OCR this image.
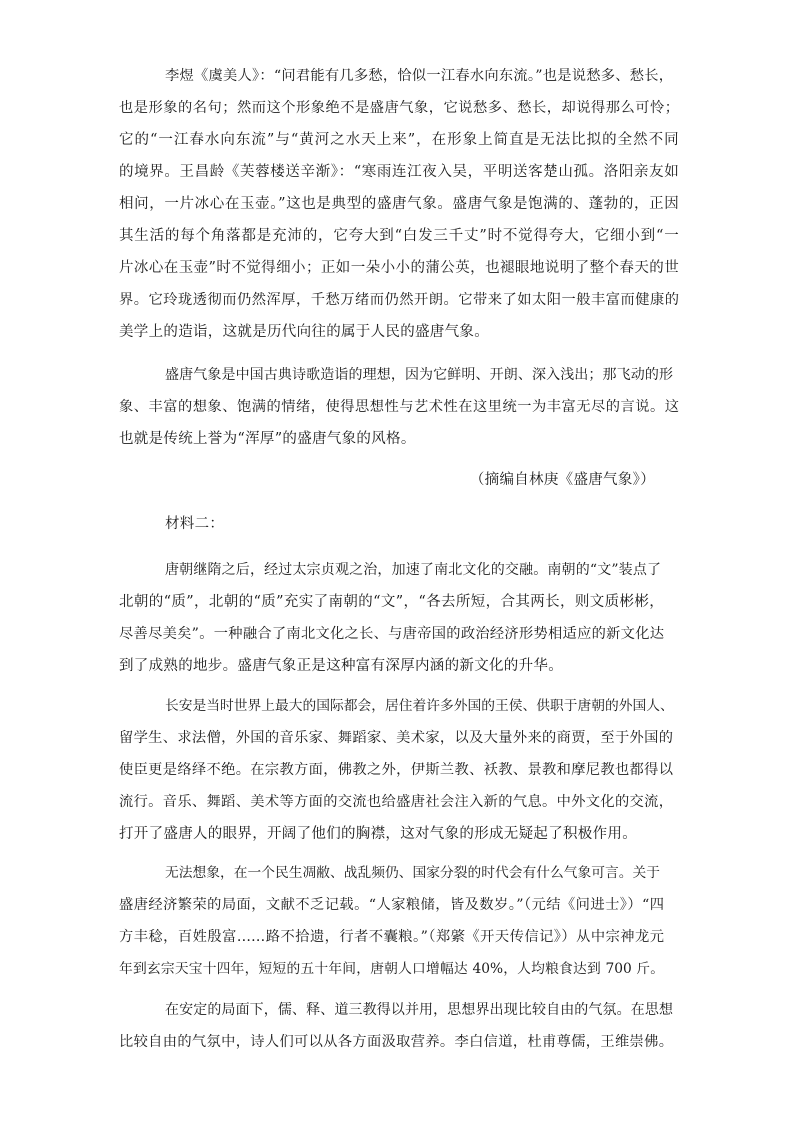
李煜《虞美人》：“问君能有几多愁，恰似一江春水向东流。”也是说愁多、愁长，
也是形象的名句；然而这个形象绝不是盛唐气象，它说愁多、愁长，却说得那么可怜；
它的“一江春水向东流”与“黄河之水天上来”，在形象上简直是无法比拟的全然不同
的境界。王昌龄《芙蓉楼送辛渐》：“寒雨连江夜入吴，平明送客楚山孤。洛阳亲友如
相问，一片冰心在玉壶。”这也是典型的盛唐气象。盛唐气象是饱满的、蓬勃的，正因
其生活的每个角落都是充沛的，它夸大到“白发三千丈”时不觉得夸大，它细小到“一
片冰心在玉壶”时不觉得细小；正如一朵小小的蒲公英，也褪眼地说明了整个春天的世
界。它玲珑透彻而仍然浑厚，千愁万绪而仍然开朗。它带来了如太阳一般丰富而健康的
美学上的造诣，这就是历代向往的属于人民的盛唐气象。
盛唐气象是中国古典诗歌造诣的理想，因为它鲜明、开朗、深入浅出；那飞动的形
象、丰富的想象、饱满的情绪，使得思想性与艺术性在这里统一为丰富无尽的言说。这
也就是传统上誉为“浑厚”的盛唐气象的风格。
（摘编自林庚《盛唐气象》）
材料二：
唐朝继隋之后，经过太宗贞观之治，加速了南北文化的交融。南朝的“文”装点了
北朝的“质”，北朝的“质”充实了南朝的“文”，“各去所短，合其两长，则文质彬彬，
尽善尽美矣”。一种融合了南北文化之长、与唐帝国的政治经济形势相适应的新文化达
到了成熟的地步。盛唐气象正是这种富有深厚内涵的新文化的升华。
长安是当时世界上最大的国际都会，居住着许多外国的王侯、供职于唐朝的外国人、
留学生、求法僧，外国的音乐家、舞蹈家、美术家，以及大量外来的商贾，至于外国的
使臣更是络绎不绝。在宗教方面，佛教之外，伊斯兰教、袄教、景教和摩尼教也都得以
流行。音乐、舞蹈、美术等方面的交流也给盛唐社会注入新的气息。中外文化的交流，
打开了盛唐人的眼界，开阔了他们的胸襟，这对气象的形成无疑起了积极作用。
无法想象，在一个民生凋敝、战乱频仍、国家分裂的时代会有什么气象可言。关于
盛唐经济繁荣的局面，文献不乏记载。“人家粮储，皆及数岁。”（元结《问进士》）“四
方丰稔，百姓殷富……路不拾遗，行者不囊粮。”（郑綮《开天传信记》）从中宗神龙元
年到玄宗天宝十四年，短短的五十年间，唐朝人口增幅达 40%，人均粮食达到 700 斤。
在安定的局面下，儒、释、道三教得以并用，思想界出现比较自由的气氛。在思想
比较自由的气氛中，诗人们可以从各方面汲取营养。李白信道，杜甫尊儒，王维崇佛。
